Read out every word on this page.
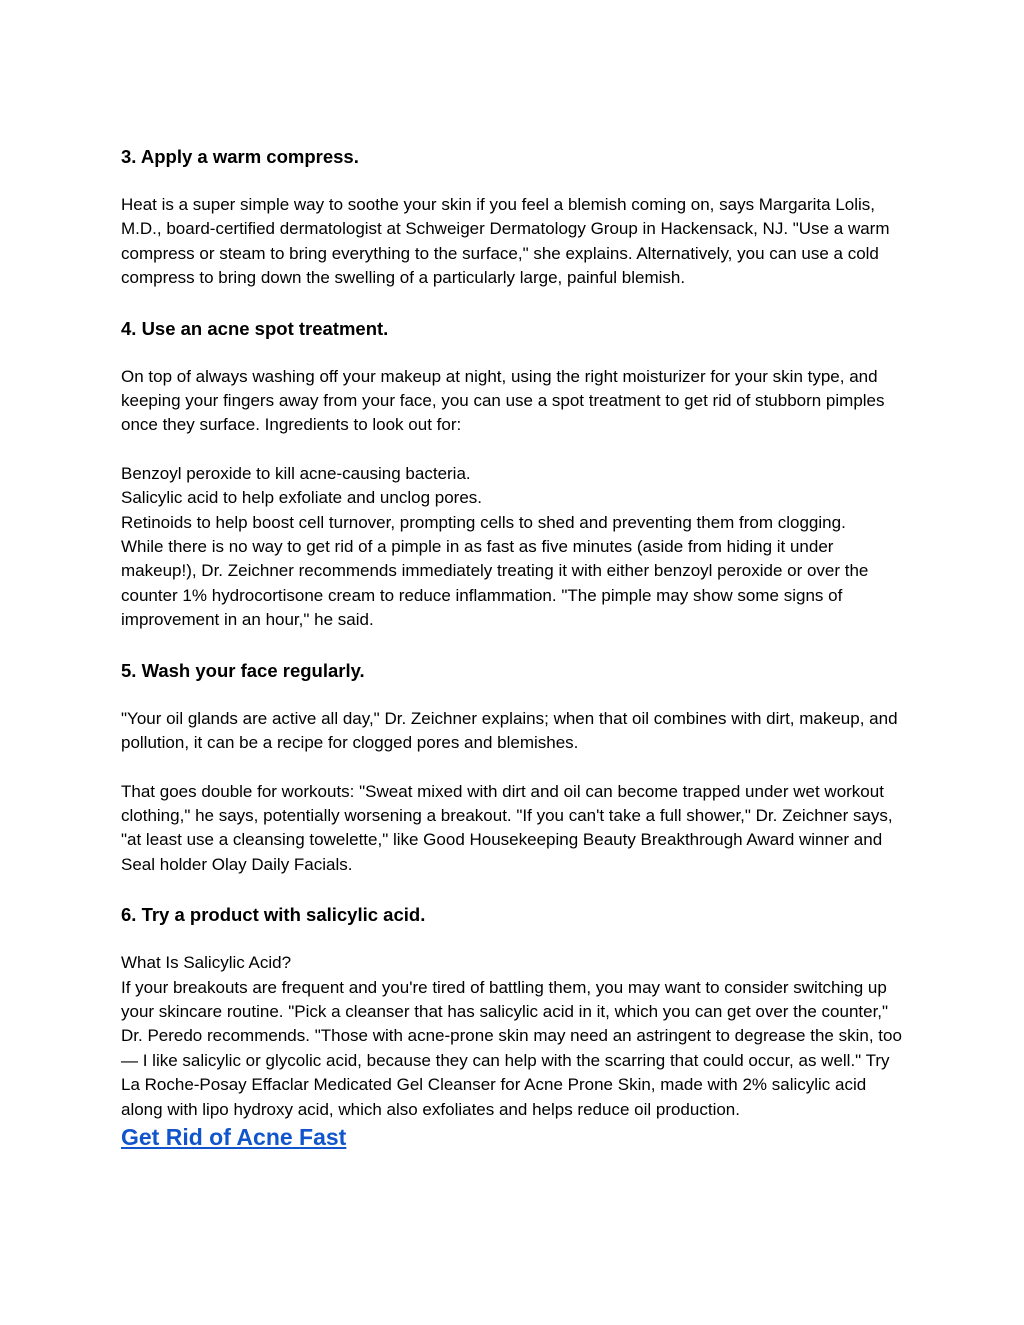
3. Apply a warm compress.

Heat is a super simple way to soothe your skin if you feel a blemish coming on, says Margarita Lolis, M.D., board-certified dermatologist at Schweiger Dermatology Group in Hackensack, NJ. "Use a warm compress or steam to bring everything to the surface," she explains. Alternatively, you can use a cold compress to bring down the swelling of a particularly large, painful blemish.

4. Use an acne spot treatment.

On top of always washing off your makeup at night, using the right moisturizer for your skin type, and keeping your fingers away from your face, you can use a spot treatment to get rid of stubborn pimples once they surface. Ingredients to look out for:

Benzoyl peroxide to kill acne-causing bacteria.

Salicylic acid to help exfoliate and unclog pores.

Retinoids to help boost cell turnover, prompting cells to shed and preventing them from clogging.

While there is no way to get rid of a pimple in as fast as five minutes (aside from hiding it under makeup!), Dr. Zeichner recommends immediately treating it with either benzoyl peroxide or over the counter 1% hydrocortisone cream to reduce inflammation. "The pimple may show some signs of improvement in an hour," he said.

5. Wash your face regularly.

"Your oil glands are active all day," Dr. Zeichner explains; when that oil combines with dirt, makeup, and pollution, it can be a recipe for clogged pores and blemishes.

That goes double for workouts: "Sweat mixed with dirt and oil can become trapped under wet workout clothing," he says, potentially worsening a breakout. "If you can't take a full shower," Dr. Zeichner says, "at least use a cleansing towelette," like Good Housekeeping Beauty Breakthrough Award winner and Seal holder Olay Daily Facials.

6. Try a product with salicylic acid.

What Is Salicylic Acid?

If your breakouts are frequent and you're tired of battling them, you may want to consider switching up your skincare routine. "Pick a cleanser that has salicylic acid in it, which you can get over the counter," Dr. Peredo recommends. "Those with acne-prone skin may need an astringent to degrease the skin, too — I like salicylic or glycolic acid, because they can help with the scarring that could occur, as well." Try La Roche-Posay Effaclar Medicated Gel Cleanser for Acne Prone Skin, made with 2% salicylic acid along with lipo hydroxy acid, which also exfoliates and helps reduce oil production.

Get Rid of Acne Fast
